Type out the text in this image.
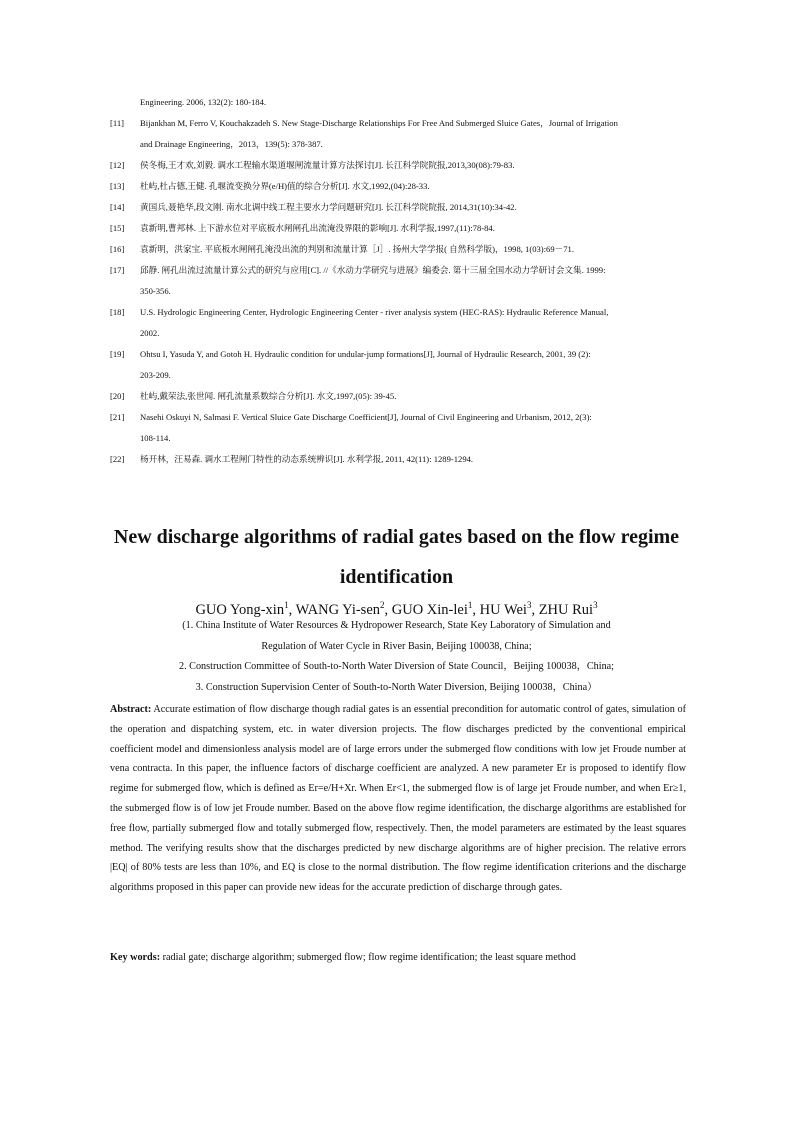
Engineering. 2006, 132(2): 180-184.
[11] Bijankhan M, Ferro V, Kouchakzadeh S. New Stage-Discharge Relationships For Free And Submerged Sluice Gates，Journal of Irrigation
and Drainage Engineering，2013，139(5): 378-387.
[12] 侯冬梅,王才欢,刘毅. 调水工程输水渠道堰闸流量计算方法探讨[J]. 长江科学院院报,2013,30(08):79-83.
[13] 杜屿,杜占德,王健. 孔堰流变换分界(e/H)值的综合分析[J]. 水文,1992,(04):28-33.
[14] 黄国兵,聂艳华,段文刚. 南水北调中线工程主要水力学问题研究[J]. 长江科学院院报, 2014,31(10):34-42.
[15] 袁新明,曹邦林. 上下游水位对平底板水闸闸孔出流淹没界限的影响[J]. 水利学报,1997,(11):78-84.
[16] 袁新明，洪家宝. 平底板水闸闸孔淹没出流的判别和流量计算［J］. 扬州大学学报( 自然科学版)，1998, 1(03):69－71.
[17] 邱静. 闸孔出流过流量计算公式的研究与应用[C]. //《水动力学研究与进展》编委会. 第十三届全国水动力学研讨会文集. 1999:
350-356.
[18] U.S. Hydrologic Engineering Center, Hydrologic Engineering Center - river analysis system (HEC-RAS): Hydraulic Reference Manual,
2002.
[19] Ohtsu I, Yasuda Y, and Gotoh H. Hydraulic condition for undular-jump formations[J], Journal of Hydraulic Research, 2001, 39 (2):
203-209.
[20] 杜屿,戴荣法,张世闻. 闸孔流量系数综合分析[J]. 水文,1997,(05): 39-45.
[21] Nasehi Oskuyi N, Salmasi F. Vertical Sluice Gate Discharge Coefficient[J], Journal of Civil Engineering and Urbanism, 2012, 2(3):
108-114.
[22] 杨开林，汪易森. 调水工程闸门特性的动态系统辨识[J]. 水利学报, 2011, 42(11): 1289-1294.
New discharge algorithms of radial gates based on the flow regime
identification
GUO Yong-xin$^1$, WANG Yi-sen$^2$, GUO Xin-lei$^1$, HU Wei$^3$, ZHU Rui$^3$
(1. China Institute of Water Resources & Hydropower Research, State Key Laboratory of Simulation and
Regulation of Water Cycle in River Basin, Beijing 100038, China;
2. Construction Committee of South-to-North Water Diversion of State Council，Beijing 100038，China;
3. Construction Supervision Center of South-to-North Water Diversion, Beijing 100038，China）
Abstract: Accurate estimation of flow discharge though radial gates is an essential precondition for automatic control of gates, simulation of the operation and dispatching system, etc. in water diversion projects. The flow discharges predicted by the conventional empirical coefficient model and dimensionless analysis model are of large errors under the submerged flow conditions with low jet Froude number at vena contracta. In this paper, the influence factors of discharge coefficient are analyzed. A new parameter Er is proposed to identify flow regime for submerged flow, which is defined as Er=e/H+Xr. When Er<1, the submerged flow is of large jet Froude number, and when Er≥1, the submerged flow is of low jet Froude number. Based on the above flow regime identification, the discharge algorithms are established for free flow, partially submerged flow and totally submerged flow, respectively. Then, the model parameters are estimated by the least squares method. The verifying results show that the discharges predicted by new discharge algorithms are of higher precision. The relative errors |EQ| of 80% tests are less than 10%, and EQ is close to the normal distribution. The flow regime identification criterions and the discharge algorithms proposed in this paper can provide new ideas for the accurate prediction of discharge through gates.
Key words: radial gate; discharge algorithm; submerged flow; flow regime identification; the least square method
